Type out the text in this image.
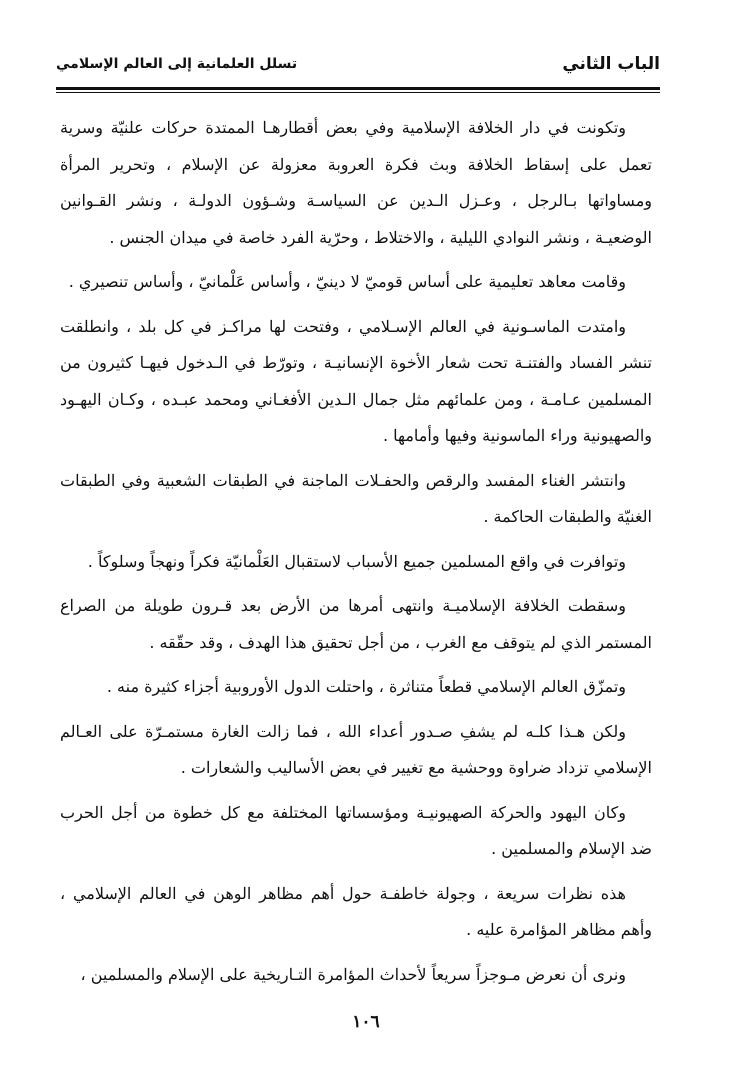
الباب الثاني
تسلل العلمانية إلى العالم الإسلامي

وتكونت في دار الخلافة الإسلامية وفي بعض أقطارهـا الممتدة حركات علنيّة وسرية تعمل على إسقاط الخلافة وبث فكرة العروبة معزولة عن الإسلام ، وتحرير المرأة ومساواتها بـالرجل ، وعـزل الـدين عن السياسـة وشـؤون الدولـة ، ونشر القـوانين الوضعيـة ، ونشر النوادي الليلية ، والاختلاط ، وحرّية الفرد خاصة في ميدان الجنس .

وقامت معاهد تعليمية على أساس قوميّ لا دينيّ ، وأساس عَلْمانيّ ، وأساس تنصيري .

وامتدت الماسـونية في العالم الإسـلامي ، وفتحت لها مراكـز في كل بلد ، وانطلقت تنشر الفساد والفتنـة تحت شعار الأخوة الإنسانيـة ، وتورّط في الـدخول فيهـا كثيرون من المسلمين عـامـة ، ومن علمائهم مثل جمال الـدين الأفغـاني ومحمد عبـده ، وكـان اليهـود والصهيونية وراء الماسونية وفيها وأمامها .

وانتشر الغناء المفسد والرقص والحفـلات الماجنة في الطبقات الشعبية وفي الطبقات الغنيّة والطبقات الحاكمة .

وتوافرت في واقع المسلمين جميع الأسباب لاستقبال العَلْمانيّة فكراً ونهجاً وسلوكاً .

وسقطت الخلافة الإسلاميـة وانتهى أمرها من الأرض بعد قـرون طويلة من الصراع المستمر الذي لم يتوقف مع الغرب ، من أجل تحقيق هذا الهدف ، وقد حقّقه .

وتمزّق العالم الإسلامي قطعاً متناثرة ، واحتلت الدول الأوروبية أجزاء كثيرة منه .

ولكن هـذا كلـه لم يشفِ صـدور أعداء الله ، فما زالت الغارة مستمـرّة على العـالم الإسلامي تزداد ضراوة ووحشية مع تغيير في بعض الأساليب والشعارات .

وكان اليهود والحركة الصهيونيـة ومؤسساتها المختلفة مع كل خطوة من أجل الحرب ضد الإسلام والمسلمين .

هذه نظرات سريعة ، وجولة خاطفـة حول أهم مظاهر الوهن في العالم الإسلامي ، وأهم مظاهر المؤامرة عليه .

ونرى أن نعرض مـوجزاً سريعاً لأحداث المؤامرة التـاريخية على الإسلام والمسلمين ،

١٠٦
